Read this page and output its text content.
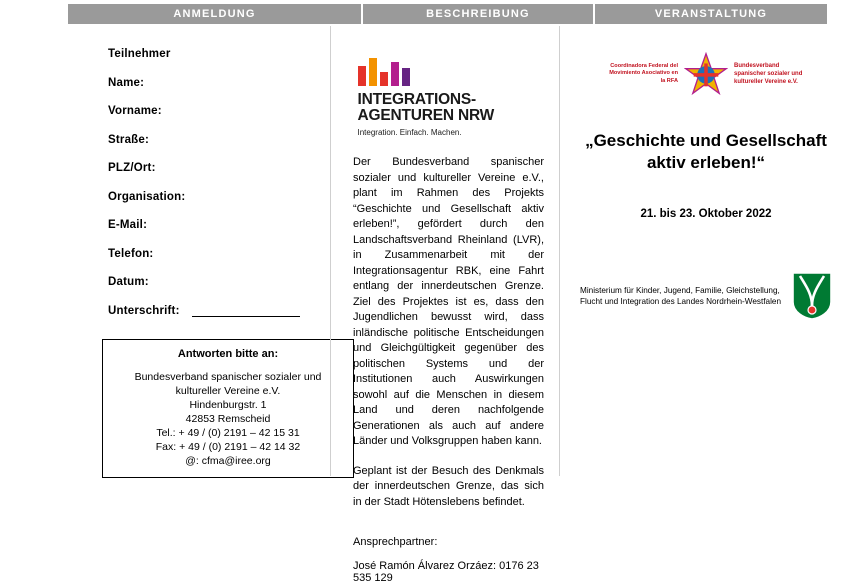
ANMELDUNG	BESCHREIBUNG	VERANSTALTUNG
Teilnehmer
Name:
Vorname:
Straße:
PLZ/Ort:
Organisation:
E-Mail:
Telefon:
Datum:
Unterschrift:
Antworten bitte an:
Bundesverband spanischer sozialer und
kultureller Vereine e.V.
Hindenburgstr. 1
42853 Remscheid
Tel.: + 49 / (0) 2191 – 42 15 31
Fax: + 49 / (0) 2191 – 42 14 32
@: cfma@iree.org
INTEGRATIONS-
AGENTUREN NRW
Integration. Einfach. Machen.

Der Bundesverband spanischer sozialer und kultureller Vereine e.V., plant im Rahmen des Projekts “Geschichte und Gesellschaft aktiv erleben!”, gefördert durch den Landschaftsverband Rheinland (LVR), in Zusammenarbeit mit der Integrationsagentur RBK, eine Fahrt entlang der innerdeutschen Grenze. Ziel des Projektes ist es, dass den Jugendlichen bewusst wird, dass inländische politische Entscheidungen und Gleichgültigkeit gegenüber des politischen Systems und der Institutionen auch Auswirkungen sowohl auf die Menschen in diesem Land und deren nachfolgende Generationen als auch auf andere Länder und Volksgruppen haben kann.

Geplant ist der Besuch des Denkmals der innerdeutschen Grenze, das sich in der Stadt Hötenslebens befindet.

Ansprechpartner:
José Ramón Álvarez Orzáez: 0176 23 535 129
Coordinadora Federal del Movimiento Asociativo en la RFA
Bundesverband spanischer sozialer und kultureller Vereine e.V.
„Geschichte und Gesellschaft aktiv erleben!“
21. bis 23. Oktober 2022
Ministerium für Kinder, Jugend, Familie, Gleichstellung, Flucht und Integration des Landes Nordrhein-Westfalen
